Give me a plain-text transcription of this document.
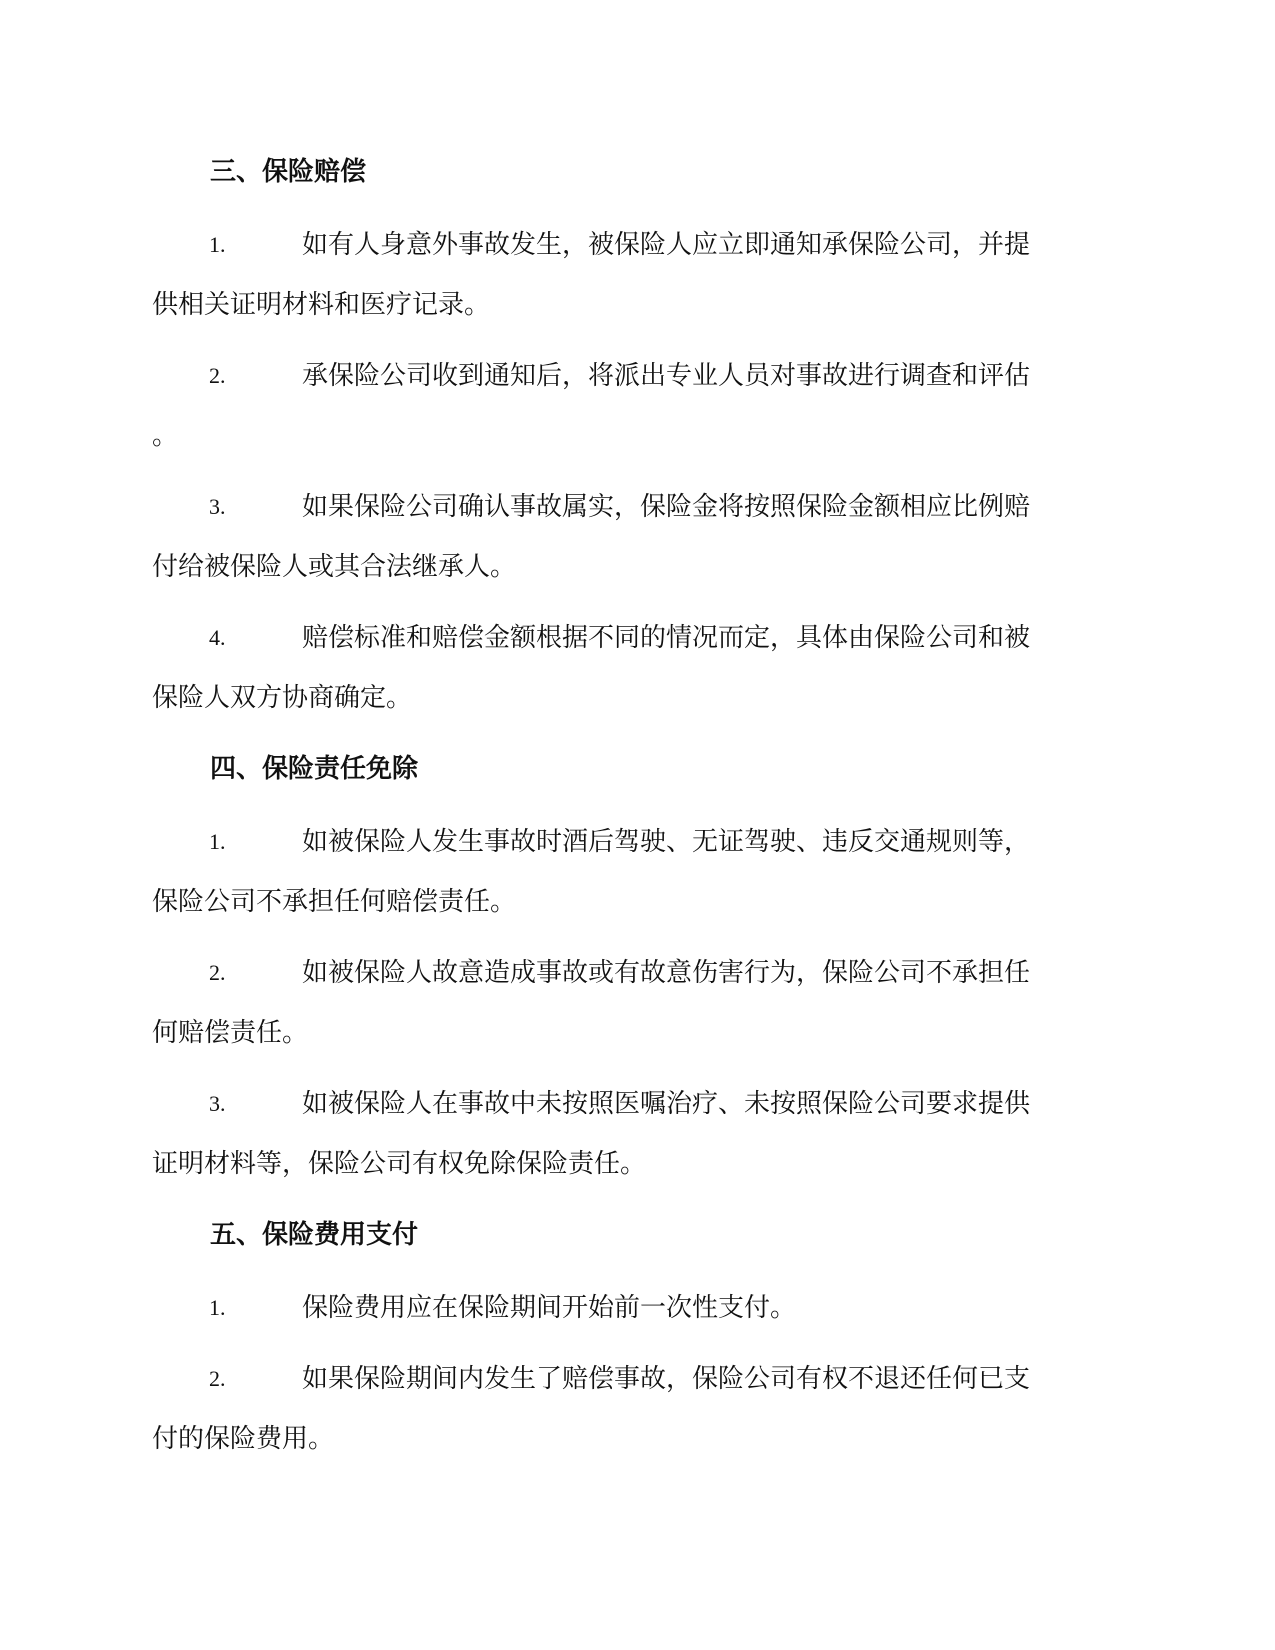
三、保险赔偿
1.	如有人身意外事故发生，被保险人应立即通知承保险公司，并提
供相关证明材料和医疗记录。
2.	承保险公司收到通知后，将派出专业人员对事故进行调查和评估
。
3.	如果保险公司确认事故属实，保险金将按照保险金额相应比例赔
付给被保险人或其合法继承人。
4.	赔偿标准和赔偿金额根据不同的情况而定，具体由保险公司和被
保险人双方协商确定。
四、保险责任免除
1.	如被保险人发生事故时酒后驾驶、无证驾驶、违反交通规则等，
保险公司不承担任何赔偿责任。
2.	如被保险人故意造成事故或有故意伤害行为，保险公司不承担任
何赔偿责任。
3.	如被保险人在事故中未按照医嘱治疗、未按照保险公司要求提供
证明材料等，保险公司有权免除保险责任。
五、保险费用支付
1.	保险费用应在保险期间开始前一次性支付。
2.	如果保险期间内发生了赔偿事故，保险公司有权不退还任何已支
付的保险费用。
